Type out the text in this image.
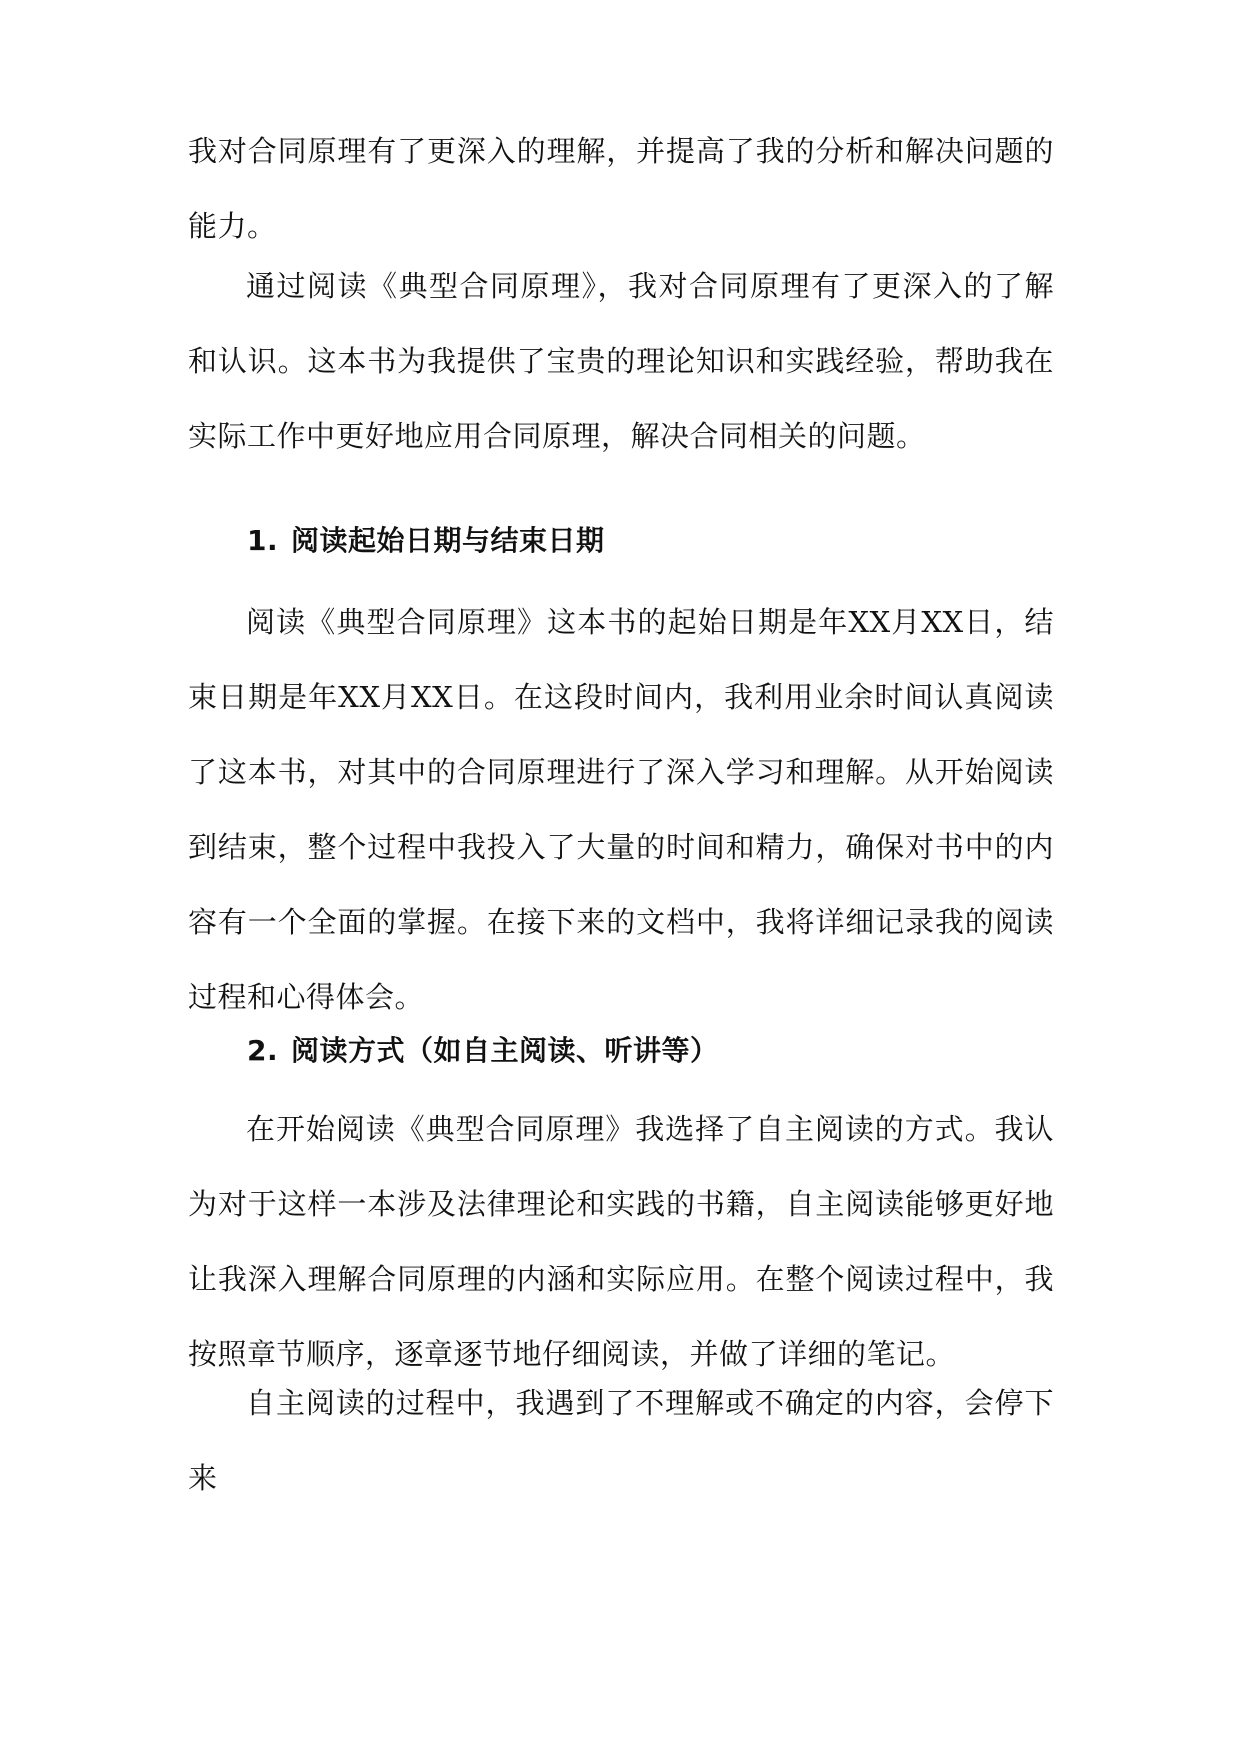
我对合同原理有了更深入的理解，并提高了我的分析和解决问题的能力。

通过阅读《典型合同原理》，我对合同原理有了更深入的了解和认识。这本书为我提供了宝贵的理论知识和实践经验，帮助我在实际工作中更好地应用合同原理，解决合同相关的问题。

1. 阅读起始日期与结束日期

阅读《典型合同原理》这本书的起始日期是年XX月XX日，结束日期是年XX月XX日。在这段时间内，我利用业余时间认真阅读了这本书，对其中的合同原理进行了深入学习和理解。从开始阅读到结束，整个过程中我投入了大量的时间和精力，确保对书中的内容有一个全面的掌握。在接下来的文档中，我将详细记录我的阅读过程和心得体会。

2. 阅读方式（如自主阅读、听讲等）

在开始阅读《典型合同原理》我选择了自主阅读的方式。我认为对于这样一本涉及法律理论和实践的书籍，自主阅读能够更好地让我深入理解合同原理的内涵和实际应用。在整个阅读过程中，我按照章节顺序，逐章逐节地仔细阅读，并做了详细的笔记。

自主阅读的过程中，我遇到了不理解或不确定的内容，会停下来
